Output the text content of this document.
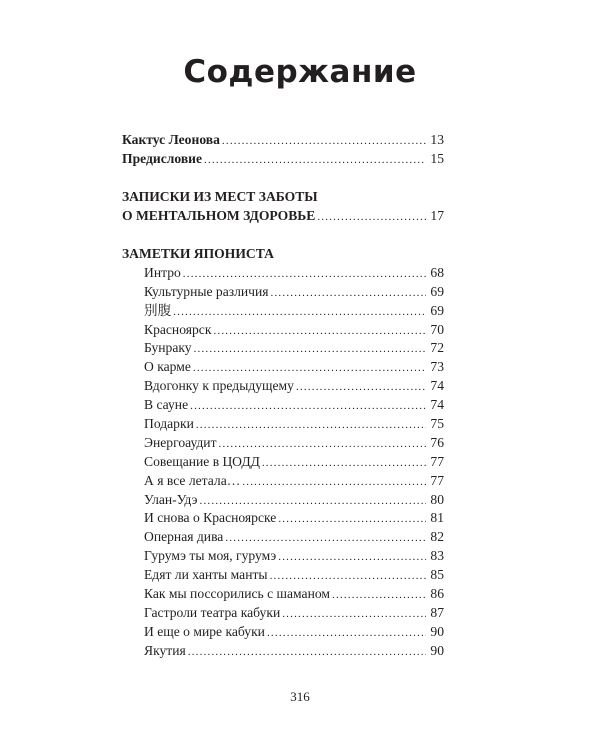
Содержание
Кактус Леонова .....	13
Предисловие .....	15
ЗАПИСКИ ИЗ МЕСТ ЗАБОТЫ
О МЕНТАЛЬНОМ ЗДОРОВЬЕ .....	17
ЗАМЕТКИ ЯПОНИСТА
Интро .....	68
Культурные различия .....	69
別腹 .....	69
Красноярск .....	70
Бунраку .....	72
О карме .....	73
Вдогонку к предыдущему .....	74
В сауне .....	74
Подарки .....	75
Энергоаудит .....	76
Совещание в ЦОДД .....	77
А я все летала… .....	77
Улан-Удэ .....	80
И снова о Красноярске .....	81
Оперная дива .....	82
Гурумэ ты моя, гурумэ .....	83
Едят ли ханты манты .....	85
Как мы поссорились с шаманом .....	86
Гастроли театра кабуки .....	87
И еще о мире кабуки .....	90
Якутия .....	90
316
